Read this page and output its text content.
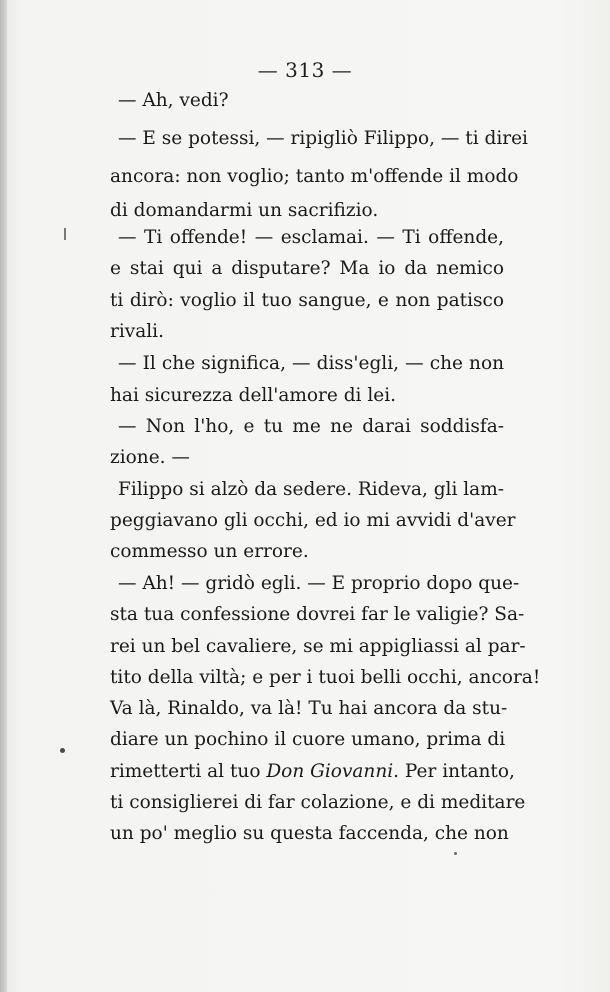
— 313 —
— Ah, vedi?
— E se potessi, — ripigliò Filippo, — ti direi
ancora: non voglio; tanto m'offende il modo
di domandarmi un sacrifizio.
— Ti offende! — esclamai. — Ti offende,
e stai qui a disputare? Ma io da nemico
ti dirò: voglio il tuo sangue, e non patisco
rivali.
— Il che significa, — diss'egli, — che non
hai sicurezza dell'amore di lei.
— Non l'ho, e tu me ne darai soddisfa-
zione. —
Filippo si alzò da sedere. Rideva, gli lam-
peggiavano gli occhi, ed io mi avvidi d'aver
commesso un errore.
— Ah! — gridò egli. — E proprio dopo que-
sta tua confessione dovrei far le valigie? Sa-
rei un bel cavaliere, se mi appigliassi al par-
tito della viltà; e per i tuoi belli occhi, ancora!
Va là, Rinaldo, va là! Tu hai ancora da stu-
diare un pochino il cuore umano, prima di
rimetterti al tuo Don Giovanni. Per intanto,
ti consiglierei di far colazione, e di meditare
un po' meglio su questa faccenda, che non
